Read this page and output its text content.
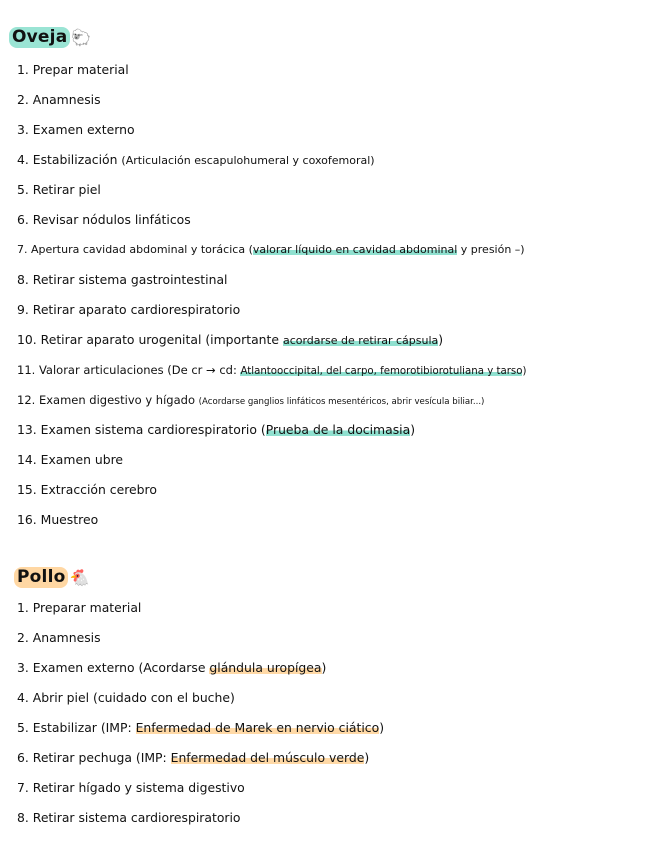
Oveja 🐑
1. Prepar material
2. Anamnesis
3. Examen externo
4. Estabilización (Articulación escapulohumeral y coxofemoral)
5. Retirar piel
6. Revisar nódulos linfáticos
7. Apertura cavidad abdominal y torácica (valorar líquido en cavidad abdominal y presión –)
8. Retirar sistema gastrointestinal
9. Retirar aparato cardiorespiratorio
10. Retirar aparato urogenital (importante acordarse de retirar cápsula)
11. Valorar articulaciones (De cr → cd: Atlantooccipital, del carpo, femorotibiorotuliana y tarso)
12. Examen digestivo y hígado (Acordarse ganglios linfáticos mesentéricos, abrir vesícula biliar...)
13. Examen sistema cardiorespiratorio (Prueba de la docimasia)
14. Examen ubre
15. Extracción cerebro
16. Muestreo
Pollo 🐔
1. Preparar material
2. Anamnesis
3. Examen externo (Acordarse glándula uropígea)
4. Abrir piel (cuidado con el buche)
5. Estabilizar (IMP: Enfermedad de Marek en nervio ciático)
6. Retirar pechuga (IMP: Enfermedad del músculo verde)
7. Retirar hígado y sistema digestivo
8. Retirar sistema cardiorespiratorio
